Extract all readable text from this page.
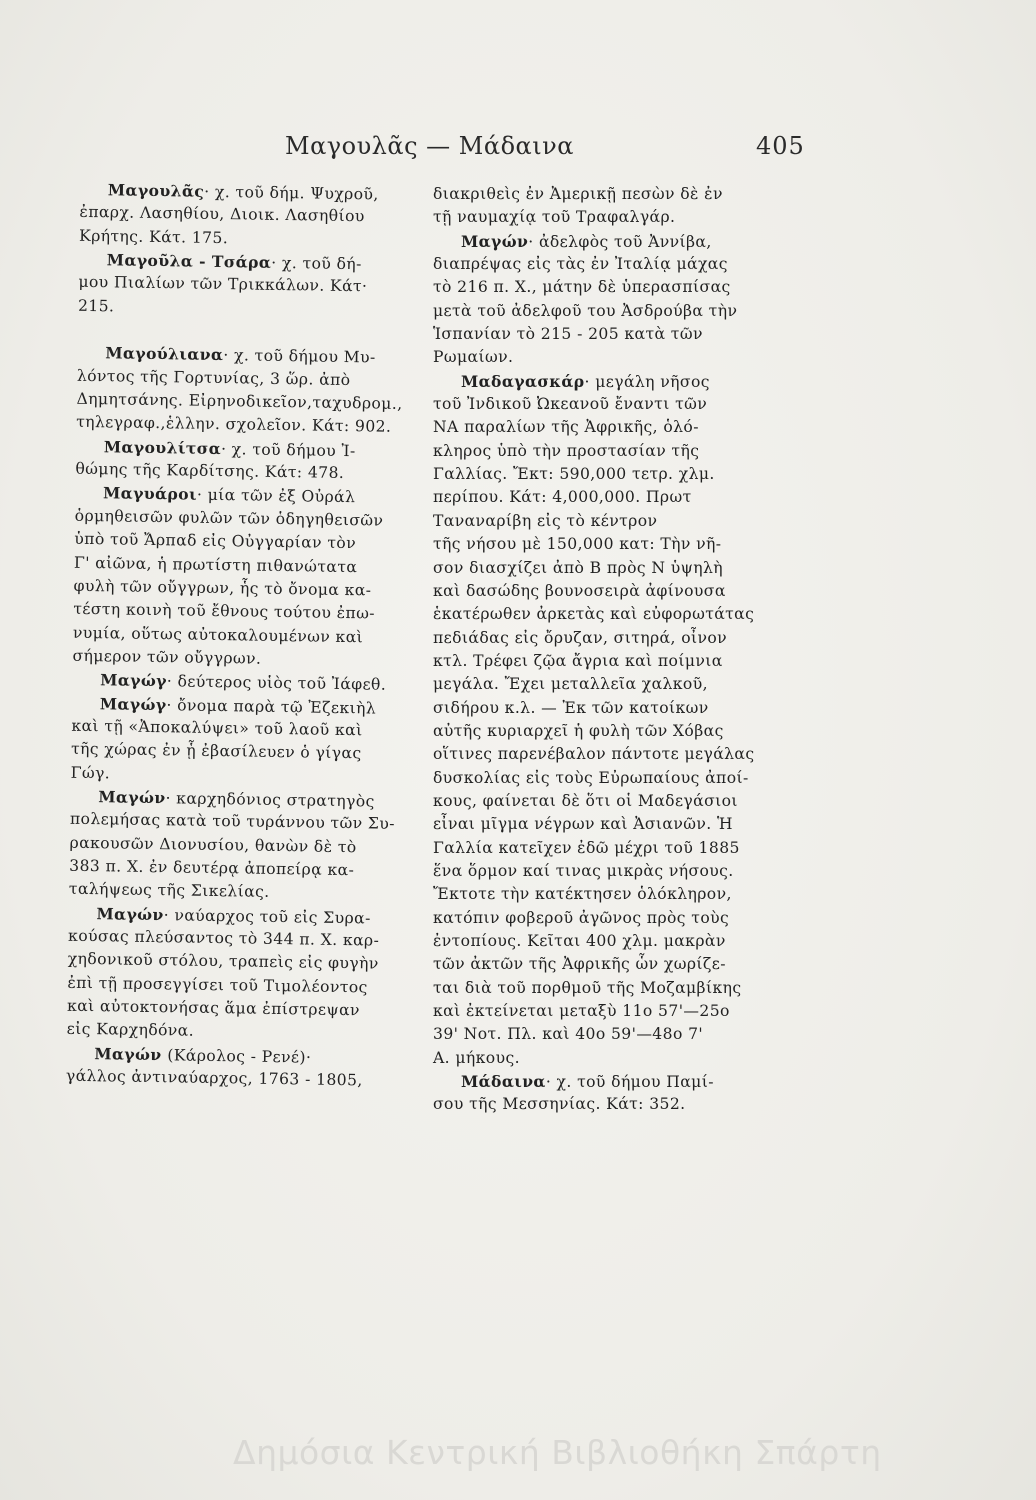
Μαγουλᾶς — Μάδαινα	405
Μαγουλᾶς· χ. τοῦ δήμ. Ψυχροῦ,
ἐπαρχ. Λασηθίου, Διοικ. Λασηθίου
Κρήτης. Κάτ. 175.
Μαγοῦλα - Τσάρα· χ. τοῦ δή-
μου Πιαλίων τῶν Τρικκάλων. Κάτ·
215.
Μαγούλιανα· χ. τοῦ δήμου Μυ-
λόντος τῆς Γορτυνίας, 3 ὥρ. ἀπὸ
Δημητσάνης. Εἰρηνοδικεῖον,ταχυδρομ.,
τηλεγραφ.,ἑλλην. σχολεῖον. Κάτ: 902.
Μαγουλίτσα· χ. τοῦ δήμου Ἰ-
θώμης τῆς Καρδίτσης. Κάτ: 478.
Μαγυάροι· μία τῶν ἐξ Οὐράλ
ὁρμηθεισῶν φυλῶν τῶν ὁδηγηθεισῶν
ὑπὸ τοῦ Ἄρπαδ εἰς Οὐγγαρίαν τὸν
Γ' αἰῶνα, ἡ πρωτίστη πιθανώτατα
φυλὴ τῶν οὔγγρων, ἧς τὸ ὄνομα κα-
τέστη κοινὴ τοῦ ἔθνους τούτου ἐπω-
νυμία, οὕτως αὐτοκαλουμένων καὶ
σήμερον τῶν οὔγγρων.
Μαγώγ· δεύτερος υἱὸς τοῦ Ἰάφεθ.
Μαγώγ· ὄνομα παρὰ τῷ Ἐζεκιὴλ
καὶ τῇ «Ἀποκαλύψει» τοῦ λαοῦ καὶ
τῆς χώρας ἐν ᾗ ἐβασίλευεν ὁ γίγας
Γώγ.
Μαγών· καρχηδόνιος στρατηγὸς
πολεμήσας κατὰ τοῦ τυράννου τῶν Συ-
ρακουσῶν Διονυσίου, θανὼν δὲ τὸ
383 π. Χ. ἐν δευτέρᾳ ἀποπείρᾳ κα-
ταλήψεως τῆς Σικελίας.
Μαγών· ναύαρχος τοῦ εἰς Συρα-
κούσας πλεύσαντος τὸ 344 π. Χ. καρ-
χηδονικοῦ στόλου, τραπεὶς εἰς φυγὴν
ἐπὶ τῇ προσεγγίσει τοῦ Τιμολέοντος
καὶ αὐτοκτονήσας ἅμα ἐπίστρεψαν
εἰς Καρχηδόνα.
Μαγών (Κάρολος - Ρενέ)·
γάλλος ἀντιναύαρχος, 1763 - 1805,
διακριθεὶς ἐν Ἀμερικῇ πεσὼν δὲ ἐν
τῇ ναυμαχίᾳ τοῦ Τραφαλγάρ.
Μαγών· ἀδελφὸς τοῦ Ἀννίβα,
διαπρέψας εἰς τὰς ἐν Ἰταλίᾳ μάχας
τὸ 216 π. Χ., μάτην δὲ ὑπερασπίσας
μετὰ τοῦ ἀδελφοῦ του Ἀσδρούβα τὴν
Ἱσπανίαν τὸ 215 - 205 κατὰ τῶν
Ρωμαίων.
Μαδαγασκάρ· μεγάλη νῆσος
τοῦ Ἰνδικοῦ Ὠκεανοῦ ἔναντι τῶν
ΝΑ παραλίων τῆς Ἀφρικῆς, ὁλό-
κληρος ὑπὸ τὴν προστασίαν τῆς
Γαλλίας. Ἔκτ: 590,000 τετρ. χλμ.
περίπου. Κάτ: 4,000,000. Πρωτ
Ταναναρίβη εἰς τὸ κέντρον
τῆς νήσου μὲ 150,000 κατ: Τὴν νῆ-
σον διασχίζει ἀπὸ Β πρὸς Ν ὑψηλὴ
καὶ δασώδης βουνοσειρὰ ἀφίνουσα
ἑκατέρωθεν ἀρκετὰς καὶ εὐφορωτάτας
πεδιάδας εἰς ὄρυζαν, σιτηρά, οἶνον
κτλ. Τρέφει ζῷα ἄγρια καὶ ποίμνια
μεγάλα. Ἔχει μεταλλεῖα χαλκοῦ,
σιδήρου κ.λ. — Ἐκ τῶν κατοίκων
αὐτῆς κυριαρχεῖ ἡ φυλὴ τῶν Χόβας
οἵτινες παρενέβαλον πάντοτε μεγάλας
δυσκολίας εἰς τοὺς Εὐρωπαίους ἀποί-
κους, φαίνεται δὲ ὅτι οἱ Μαδεγάσιοι
εἶναι μῖγμα νέγρων καὶ Ἀσιανῶν. Ἡ
Γαλλία κατεῖχεν ἐδῶ μέχρι τοῦ 1885
ἕνα ὅρμον καί τινας μικρὰς νήσους.
Ἔκτοτε τὴν κατέκτησεν ὁλόκληρον,
κατόπιν φοβεροῦ ἀγῶνος πρὸς τοὺς
ἐντοπίους. Κεῖται 400 χλμ. μακρὰν
τῶν ἀκτῶν τῆς Ἀφρικῆς ὧν χωρίζε-
ται διὰ τοῦ πορθμοῦ τῆς Μοζαμβίκης
καὶ ἐκτείνεται μεταξὺ 11ο 57'—25ο
39' Νοτ. Πλ. καὶ 40ο 59'—48ο 7'
Α. μήκους.
Μάδαινα· χ. τοῦ δήμου Παμί-
σου τῆς Μεσσηνίας. Κάτ: 352.
Δημόσια Κεντρική Βιβλιοθήκη Σπάρτη
